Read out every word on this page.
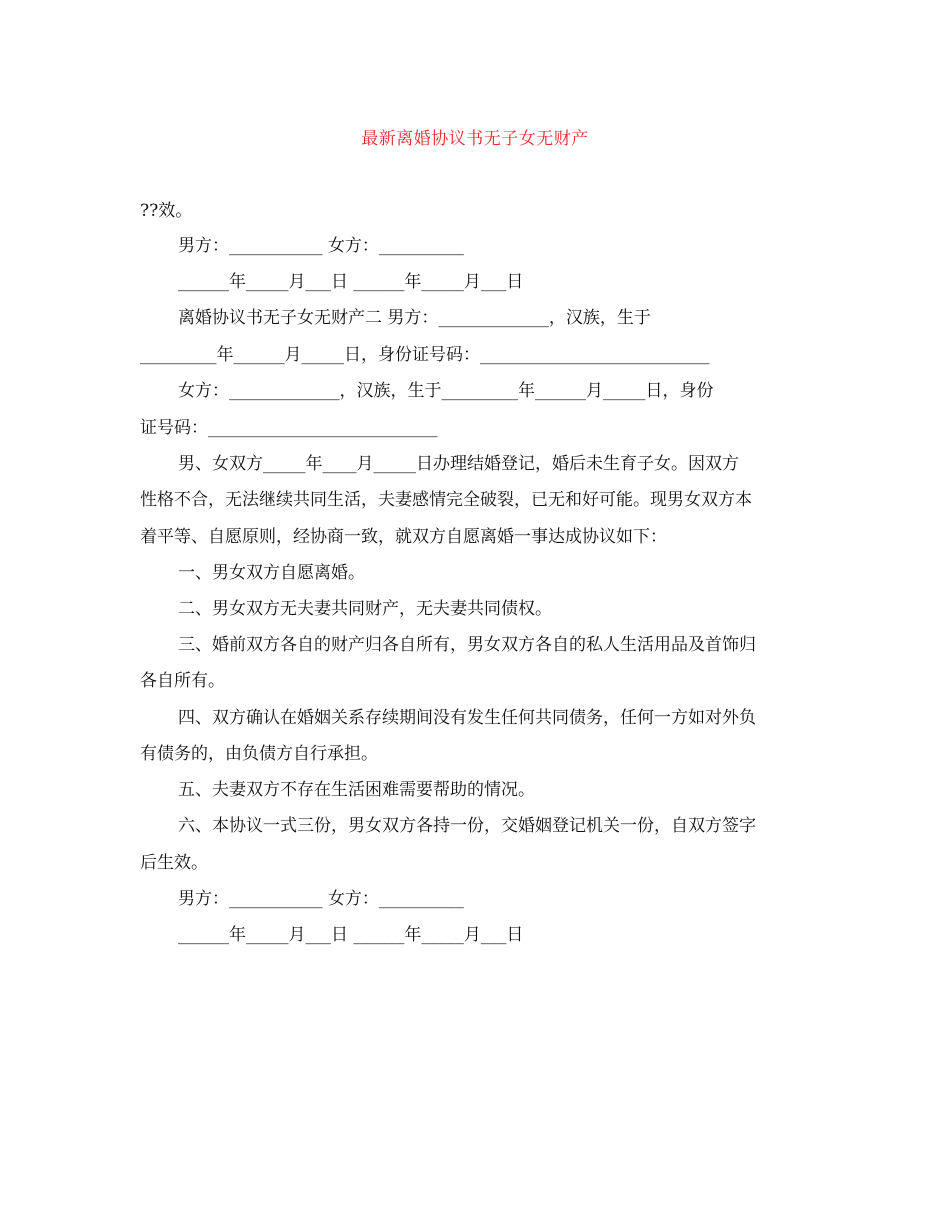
最新离婚协议书无子女无财产
??效。
男方：___________ 女方：__________
______年_____月___日 ______年_____月___日
离婚协议书无子女无财产二 男方：_____________，汉族，生于
_________年______月_____日，身份证号码：___________________________
女方：_____________，汉族，生于_________年______月_____日，身份
证号码：___________________________
男、女双方_____年____月_____日办理结婚登记，婚后未生育子女。因双方
性格不合，无法继续共同生活，夫妻感情完全破裂，已无和好可能。现男女双方本
着平等、自愿原则，经协商一致，就双方自愿离婚一事达成协议如下：
一、男女双方自愿离婚。
二、男女双方无夫妻共同财产，无夫妻共同债权。
三、婚前双方各自的财产归各自所有，男女双方各自的私人生活用品及首饰归
各自所有。
四、双方确认在婚姻关系存续期间没有发生任何共同债务，任何一方如对外负
有债务的，由负债方自行承担。
五、夫妻双方不存在生活困难需要帮助的情况。
六、本协议一式三份，男女双方各持一份，交婚姻登记机关一份，自双方签字
后生效。
男方：___________ 女方：__________
______年_____月___日 ______年_____月___日
